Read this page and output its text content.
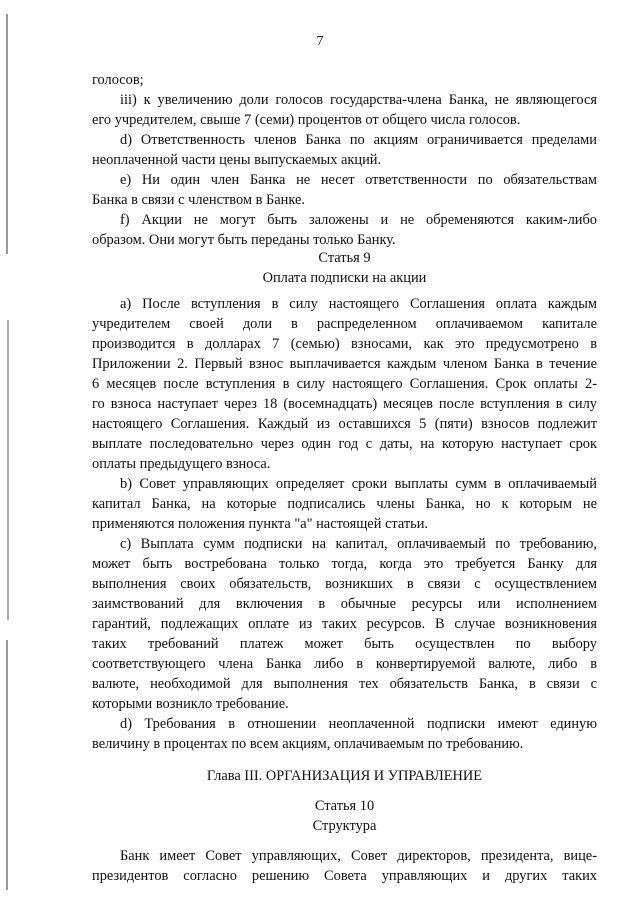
7
голосов;
iii) к увеличению доли голосов государства-члена Банка, не являющегося
его учредителем, свыше 7 (семи) процентов от общего числа голосов.
d) Ответственность членов Банка по акциям ограничивается пределами
неоплаченной части цены выпускаемых акций.
e) Ни один член Банка не несет ответственности по обязательствам
Банка в связи с членством в Банке.
f) Акции не могут быть заложены и не обременяются каким-либо
образом. Они могут быть переданы только Банку.
Статья 9
Оплата подписки на акции
a) После вступления в силу настоящего Соглашения оплата каждым
учредителем своей доли в распределенном оплачиваемом капитале
производится в долларах 7 (семью) взносами, как это предусмотрено в
Приложении 2. Первый взнос выплачивается каждым членом Банка в течение
6 месяцев после вступления в силу настоящего Соглашения. Срок оплаты 2-
го взноса наступает через 18 (восемнадцать) месяцев после вступления в силу
настоящего Соглашения. Каждый из оставшихся 5 (пяти) взносов подлежит
выплате последовательно через один год с даты, на которую наступает срок
оплаты предыдущего взноса.
b) Совет управляющих определяет сроки выплаты сумм в оплачиваемый
капитал Банка, на которые подписались члены Банка, но к которым не
применяются положения пункта "а" настоящей статьи.
c) Выплата сумм подписки на капитал, оплачиваемый по требованию,
может быть востребована только тогда, когда это требуется Банку для
выполнения своих обязательств, возникших в связи с осуществлением
заимствований для включения в обычные ресурсы или исполнением
гарантий, подлежащих оплате из таких ресурсов. В случае возникновения
таких требований платеж может быть осуществлен по выбору
соответствующего члена Банка либо в конвертируемой валюте, либо в
валюте, необходимой для выполнения тех обязательств Банка, в связи с
которыми возникло требование.
d) Требования в отношении неоплаченной подписки имеют единую
величину в процентах по всем акциям, оплачиваемым по требованию.
Глава III. ОРГАНИЗАЦИЯ И УПРАВЛЕНИЕ
Статья 10
Структура
Банк имеет Совет управляющих, Совет директоров, президента, вице-
президентов согласно решению Совета управляющих и других таких
